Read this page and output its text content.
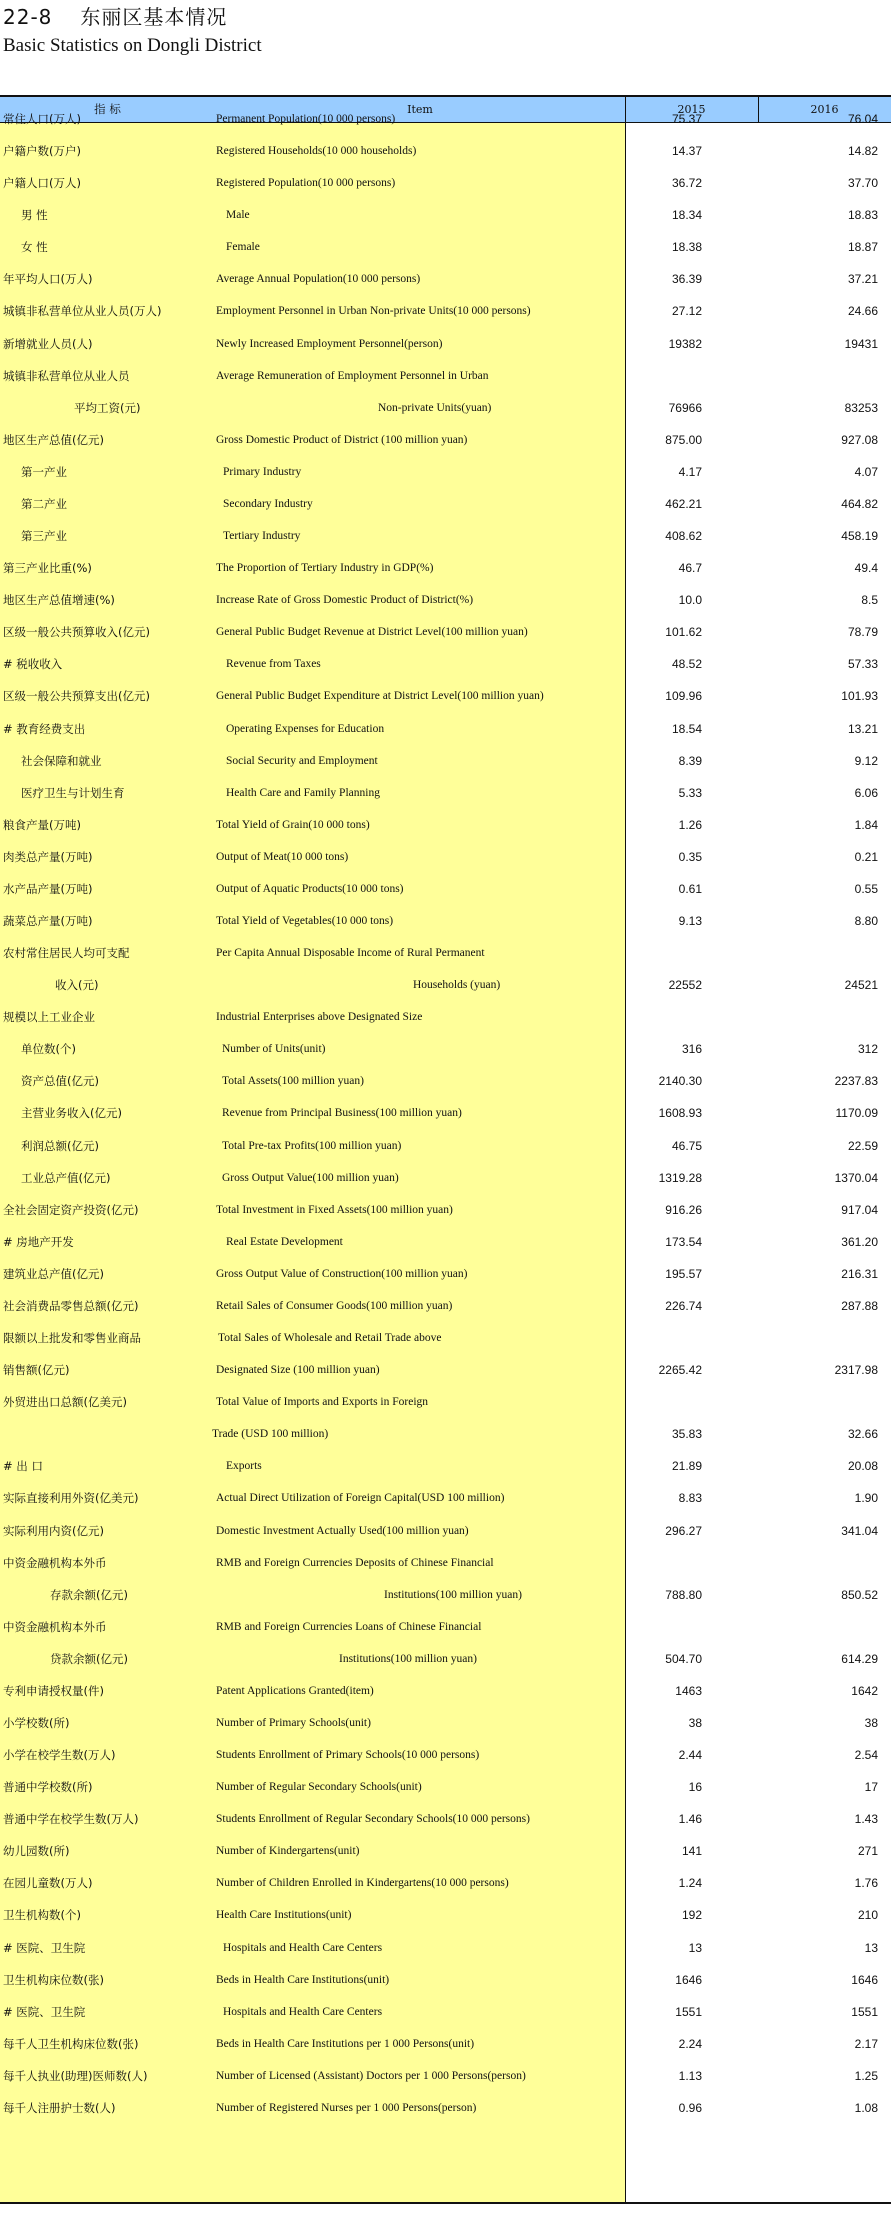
22-8 东丽区基本情况
Basic Statistics on Dongli District
指 标	Item	2015	2016
常住人口(万人)	Permanent Population(10 000 persons)	75.37	76.04
户籍户数(万户)	Registered Households(10 000 households)	14.37	14.82
户籍人口(万人)	Registered Population(10 000 persons)	36.72	37.70
男 性	Male	18.34	18.83
女 性	Female	18.38	18.87
年平均人口(万人)	Average Annual Population(10 000 persons)	36.39	37.21
城镇非私营单位从业人员(万人)	Employment Personnel in Urban Non-private Units(10 000 persons)	27.12	24.66
新增就业人员(人)	Newly Increased Employment Personnel(person)	19382	19431
城镇非私营单位从业人员	Average Remuneration of Employment Personnel in Urban
平均工资(元)	Non-private Units(yuan)	76966	83253
地区生产总值(亿元)	Gross Domestic Product of District (100 million yuan)	875.00	927.08
第一产业	Primary Industry	4.17	4.07
第二产业	Secondary Industry	462.21	464.82
第三产业	Tertiary Industry	408.62	458.19
第三产业比重(%)	The Proportion of Tertiary Industry in GDP(%)	46.7	49.4
地区生产总值增速(%)	Increase Rate of Gross Domestic Product of District(%)	10.0	8.5
区级一般公共预算收入(亿元)	General Public Budget Revenue at District Level(100 million yuan)	101.62	78.79
# 税收收入	Revenue from Taxes	48.52	57.33
区级一般公共预算支出(亿元)	General Public Budget Expenditure at District Level(100 million yuan)	109.96	101.93
# 教育经费支出	Operating Expenses for Education	18.54	13.21
社会保障和就业	Social Security and Employment	8.39	9.12
医疗卫生与计划生育	Health Care and Family Planning	5.33	6.06
粮食产量(万吨)	Total Yield of Grain(10 000 tons)	1.26	1.84
肉类总产量(万吨)	Output of Meat(10 000 tons)	0.35	0.21
水产品产量(万吨)	Output of Aquatic Products(10 000 tons)	0.61	0.55
蔬菜总产量(万吨)	Total Yield of Vegetables(10 000 tons)	9.13	8.80
农村常住居民人均可支配	Per Capita Annual Disposable Income of Rural Permanent
收入(元)	Households (yuan)	22552	24521
规模以上工业企业	Industrial Enterprises above Designated Size
单位数(个)	Number of Units(unit)	316	312
资产总值(亿元)	Total Assets(100 million yuan)	2140.30	2237.83
主营业务收入(亿元)	Revenue from Principal Business(100 million yuan)	1608.93	1170.09
利润总额(亿元)	Total Pre-tax Profits(100 million yuan)	46.75	22.59
工业总产值(亿元)	Gross Output Value(100 million yuan)	1319.28	1370.04
全社会固定资产投资(亿元)	Total Investment in Fixed Assets(100 million yuan)	916.26	917.04
# 房地产开发	Real Estate Development	173.54	361.20
建筑业总产值(亿元)	Gross Output Value of Construction(100 million yuan)	195.57	216.31
社会消费品零售总额(亿元)	Retail Sales of Consumer Goods(100 million yuan)	226.74	287.88
限额以上批发和零售业商品	Total Sales of Wholesale and Retail Trade above
销售额(亿元)	Designated Size (100 million yuan)	2265.42	2317.98
外贸进出口总额(亿美元)	Total Value of Imports and Exports in Foreign
Trade (USD 100 million)	35.83	32.66
# 出 口	Exports	21.89	20.08
实际直接利用外资(亿美元)	Actual Direct Utilization of Foreign Capital(USD 100 million)	8.83	1.90
实际利用内资(亿元)	Domestic Investment Actually Used(100 million yuan)	296.27	341.04
中资金融机构本外币	RMB and Foreign Currencies Deposits of Chinese Financial
存款余额(亿元)	Institutions(100 million yuan)	788.80	850.52
中资金融机构本外币	RMB and Foreign Currencies Loans of Chinese Financial
贷款余额(亿元)	Institutions(100 million yuan)	504.70	614.29
专利申请授权量(件)	Patent Applications Granted(item)	1463	1642
小学校数(所)	Number of Primary Schools(unit)	38	38
小学在校学生数(万人)	Students Enrollment of Primary Schools(10 000 persons)	2.44	2.54
普通中学校数(所)	Number of Regular Secondary Schools(unit)	16	17
普通中学在校学生数(万人)	Students Enrollment of Regular Secondary Schools(10 000 persons)	1.46	1.43
幼儿园数(所)	Number of Kindergartens(unit)	141	271
在园儿童数(万人)	Number of Children Enrolled in Kindergartens(10 000 persons)	1.24	1.76
卫生机构数(个)	Health Care Institutions(unit)	192	210
# 医院、卫生院	Hospitals and Health Care Centers	13	13
卫生机构床位数(张)	Beds in Health Care Institutions(unit)	1646	1646
# 医院、卫生院	Hospitals and Health Care Centers	1551	1551
每千人卫生机构床位数(张)	Beds in Health Care Institutions per 1 000 Persons(unit)	2.24	2.17
每千人执业(助理)医师数(人)	Number of Licensed (Assistant) Doctors per 1 000 Persons(person)	1.13	1.25
每千人注册护士数(人)	Number of Registered Nurses per 1 000 Persons(person)	0.96	1.08
